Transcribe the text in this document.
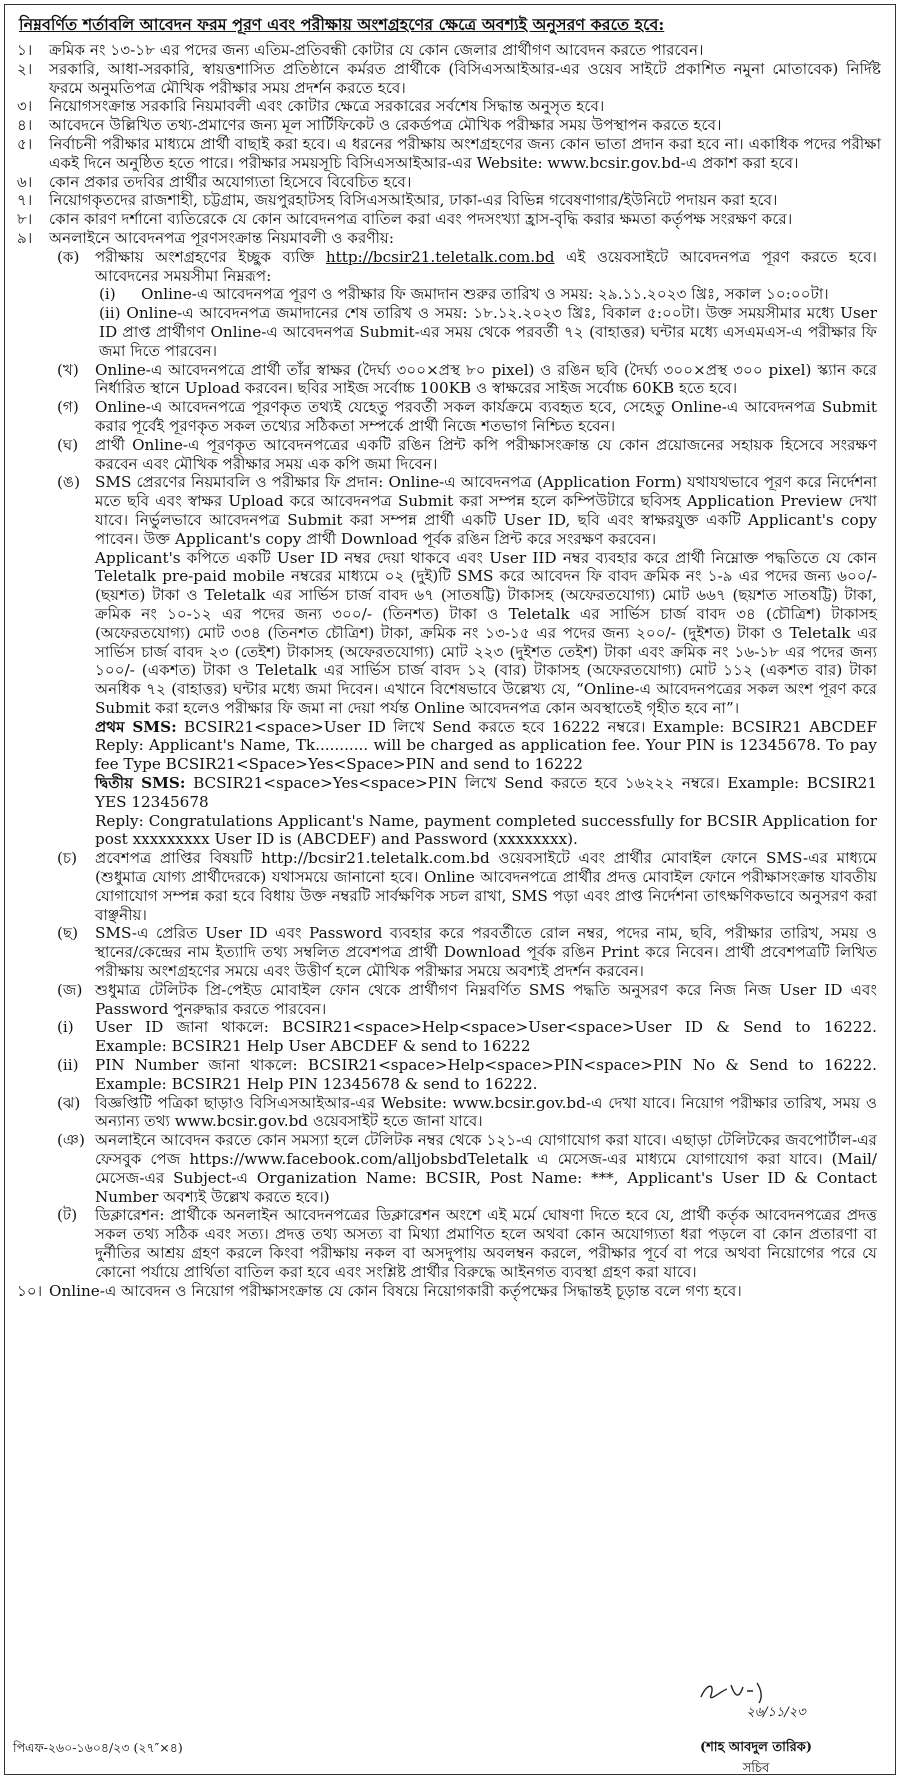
নিম্নবর্ণিত শর্তাবলি আবেদন ফরম পূরণ এবং পরীক্ষায় অংশগ্রহণের ক্ষেত্রে অবশ্যই অনুসরণ করতে হবে:
১।	ক্রমিক নং ১৩-১৮ এর পদের জন্য এতিম-প্রতিবন্ধী কোটার যে কোন জেলার প্রার্থীগণ আবেদন করতে পারবেন।
২।	সরকারি, আধা-সরকারি, স্বায়ত্তশাসিত প্রতিষ্ঠানে কর্মরত প্রার্থীকে (বিসিএসআইআর-এর ওয়েব সাইটে প্রকাশিত নমুনা মোতাবেক) নির্দিষ্ট ফরমে অনুমতিপত্র মৌখিক পরীক্ষার সময় প্রদর্শন করতে হবে।
৩।	নিয়োগসংক্রান্ত সরকারি নিয়মাবলী এবং কোটার ক্ষেত্রে সরকারের সর্বশেষ সিদ্ধান্ত অনুসৃত হবে।
৪।	আবেদনে উল্লিখিত তথ্য-প্রমাণের জন্য মূল সার্টিফিকেট ও রেকর্ডপত্র মৌখিক পরীক্ষার সময় উপস্থাপন করতে হবে।
৫।	নির্বাচনী পরীক্ষার মাধ্যমে প্রার্থী বাছাই করা হবে। এ ধরনের পরীক্ষায় অংশগ্রহণের জন্য কোন ভাতা প্রদান করা হবে না। একাধিক পদের পরীক্ষা একই দিনে অনুষ্ঠিত হতে পারে। পরীক্ষার সময়সূচি বিসিএসআইআর-এর Website: www.bcsir.gov.bd-এ প্রকাশ করা হবে।
৬।	কোন প্রকার তদবির প্রার্থীর অযোগ্যতা হিসেবে বিবেচিত হবে।
৭।	নিয়োগকৃতদের রাজশাহী, চট্টগ্রাম, জয়পুরহাটসহ বিসিএসআইআর, ঢাকা-এর বিভিন্ন গবেষণাগার/ইউনিটে পদায়ন করা হবে।
৮।	কোন কারণ দর্শানো ব্যতিরেকে যে কোন আবেদনপত্র বাতিল করা এবং পদসংখ্যা হ্রাস-বৃদ্ধি করার ক্ষমতা কর্তৃপক্ষ সংরক্ষণ করে।
৯।	অনলাইনে আবেদনপত্র পূরণসংক্রান্ত নিয়মাবলী ও করণীয়:
(ক)	পরীক্ষায় অংশগ্রহণের ইচ্ছুক ব্যক্তি http://bcsir21.teletalk.com.bd এই ওয়েবসাইটে আবেদনপত্র পূরণ করতে হবে। আবেদনের সময়সীমা নিম্নরূপ:
(i)	Online-এ আবেদনপত্র পূরণ ও পরীক্ষার ফি জমাদান শুরুর তারিখ ও সময়: ২৯.১১.২০২৩ খ্রিঃ, সকাল ১০:০০টা।
(ii) Online-এ আবেদনপত্র জমাদানের শেষ তারিখ ও সময়: ১৮.১২.২০২৩ খ্রিঃ, বিকাল ৫:০০টা। উক্ত সময়সীমার মধ্যে User ID প্রাপ্ত প্রার্থীগণ Online-এ আবেদনপত্র Submit-এর সময় থেকে পরবর্তী ৭২ (বাহাত্তর) ঘন্টার মধ্যে এসএমএস-এ পরীক্ষার ফি জমা দিতে পারবেন।
(খ)	Online-এ আবেদনপত্রে প্রার্থী তাঁর স্বাক্ষর (দৈর্ঘ্য ৩০০×প্রস্থ ৮০ pixel) ও রঙিন ছবি (দৈর্ঘ্য ৩০০×প্রস্থ ৩০০ pixel) স্ক্যান করে নির্ধারিত স্থানে Upload করবেন। ছবির সাইজ সর্বোচ্চ 100KB ও স্বাক্ষরের সাইজ সর্বোচ্চ 60KB হতে হবে।
(গ)	Online-এ আবেদনপত্রে পূরণকৃত তথ্যই যেহেতু পরবর্তী সকল কার্যক্রমে ব্যবহৃত হবে, সেহেতু Online-এ আবেদনপত্র Submit করার পূর্বেই পূরণকৃত সকল তথ্যের সঠিকতা সম্পর্কে প্রার্থী নিজে শতভাগ নিশ্চিত হবেন।
(ঘ)	প্রার্থী Online-এ পূরণকৃত আবেদনপত্রের একটি রঙিন প্রিন্ট কপি পরীক্ষাসংক্রান্ত যে কোন প্রয়োজনের সহায়ক হিসেবে সংরক্ষণ করবেন এবং মৌখিক পরীক্ষার সময় এক কপি জমা দিবেন।
(ঙ) SMS প্রেরণের নিয়মাবলি ও পরীক্ষার ফি প্রদান: Online-এ আবেদনপত্র (Application Form) যথাযথভাবে পূরণ করে নির্দেশনা মতে ছবি এবং স্বাক্ষর Upload করে আবেদনপত্র Submit করা সম্পন্ন হলে কম্পিউটারে ছবিসহ Application Preview দেখা যাবে। নির্ভুলভাবে আবেদনপত্র Submit করা সম্পন্ন প্রার্থী একটি User ID, ছবি এবং স্বাক্ষরযুক্ত একটি Applicant's copy পাবেন। উক্ত Applicant's copy প্রার্থী Download পূর্বক রঙিন প্রিন্ট করে সংরক্ষণ করবেন।
Applicant's কপিতে একটি User ID নম্বর দেয়া থাকবে এবং User IID নম্বর ব্যবহার করে প্রার্থী নিম্নোক্ত পদ্ধতিতে যে কোন Teletalk pre-paid mobile নম্বরের মাধ্যমে ০২ (দুই)টি SMS করে আবেদন ফি বাবদ ক্রমিক নং ১-৯ এর পদের জন্য ৬০০/- (ছয়শত) টাকা ও Teletalk এর সার্ভিস চার্জ বাবদ ৬৭ (সাতষট্টি) টাকাসহ (অফেরতযোগ্য) মোট ৬৬৭ (ছয়শত সাতষট্টি) টাকা, ক্রমিক নং ১০-১২ এর পদের জন্য ৩০০/- (তিনশত) টাকা ও Teletalk এর সার্ভিস চার্জ বাবদ ৩৪ (চৌত্রিশ) টাকাসহ (অফেরতযোগ্য) মোট ৩৩৪ (তিনশত চৌত্রিশ) টাকা, ক্রমিক নং ১৩-১৫ এর পদের জন্য ২০০/- (দুইশত) টাকা ও Teletalk এর সার্ভিস চার্জ বাবদ ২৩ (তেইশ) টাকাসহ (অফেরতযোগ্য) মোট ২২৩ (দুইশত তেইশ) টাকা এবং ক্রমিক নং ১৬-১৮ এর পদের জন্য ১০০/- (একশত) টাকা ও Teletalk এর সার্ভিস চার্জ বাবদ ১২ (বার) টাকাসহ (অফেরতযোগ্য) মোট ১১২ (একশত বার) টাকা অনধিক ৭২ (বাহাত্তর) ঘন্টার মধ্যে জমা দিবেন। এখানে বিশেষভাবে উল্লেখ্য যে, “Online-এ আবেদনপত্রের সকল অংশ পূরণ করে Submit করা হলেও পরীক্ষার ফি জমা না দেয়া পর্যন্ত Online আবেদনপত্র কোন অবস্থাতেই গৃহীত হবে না”।
প্রথম SMS: BCSIR21<space>User ID লিখে Send করতে হবে 16222 নম্বরে। Example: BCSIR21 ABCDEF Reply: Applicant's Name, Tk........... will be charged as application fee. Your PIN is 12345678. To pay fee Type BCSIR21<Space>Yes<Space>PIN and send to 16222
দ্বিতীয় SMS: BCSIR21<space>Yes<space>PIN লিখে Send করতে হবে ১৬২২২ নম্বরে। Example: BCSIR21 YES 12345678
Reply: Congratulations Applicant's Name, payment completed successfully for BCSIR Application for post xxxxxxxxx User ID is (ABCDEF) and Password (xxxxxxxx).
(চ)	প্রবেশপত্র প্রাপ্তির বিষয়টি http://bcsir21.teletalk.com.bd ওয়েবসাইটে এবং প্রার্থীর মোবাইল ফোনে SMS-এর মাধ্যমে (শুধুমাত্র যোগ্য প্রার্থীদেরকে) যথাসময়ে জানানো হবে। Online আবেদনপত্রে প্রার্থীর প্রদত্ত মোবাইল ফোনে পরীক্ষাসংক্রান্ত যাবতীয় যোগাযোগ সম্পন্ন করা হবে বিধায় উক্ত নম্বরটি সার্বক্ষণিক সচল রাখা, SMS পড়া এবং প্রাপ্ত নির্দেশনা তাৎক্ষণিকভাবে অনুসরণ করা বাঞ্ছনীয়।
(ছ)	SMS-এ প্রেরিত User ID এবং Password ব্যবহার করে পরবর্তীতে রোল নম্বর, পদের নাম, ছবি, পরীক্ষার তারিখ, সময় ও স্থানের/কেন্দ্রের নাম ইত্যাদি তথ্য সম্বলিত প্রবেশপত্র প্রার্থী Download পূর্বক রঙিন Print করে নিবেন। প্রার্থী প্রবেশপত্রটি লিখিত পরীক্ষায় অংশগ্রহণের সময়ে এবং উত্তীর্ণ হলে মৌখিক পরীক্ষার সময়ে অবশ্যই প্রদর্শন করবেন।
(জ) শুধুমাত্র টেলিটক প্রি-পেইড মোবাইল ফোন থেকে প্রার্থীগণ নিম্নবর্ণিত SMS পদ্ধতি অনুসরণ করে নিজ নিজ User ID এবং Password পুনরুদ্ধার করতে পারবেন।
(i)	User ID জানা থাকলে: BCSIR21<space>Help<space>User<space>User ID & Send to 16222. Example: BCSIR21 Help User ABCDEF & send to 16222
(ii)	PIN Number জানা থাকলে: BCSIR21<space>Help<space>PIN<space>PIN No & Send to 16222. Example: BCSIR21 Help PIN 12345678 & send to 16222.
(ঝ) বিজ্ঞপ্তিটি পত্রিকা ছাড়াও বিসিএসআইআর-এর Website: www.bcsir.gov.bd-এ দেখা যাবে। নিয়োগ পরীক্ষার তারিখ, সময় ও অন্যান্য তথ্য www.bcsir.gov.bd ওয়েবসাইট হতে জানা যাবে।
(ঞ) অনলাইনে আবেদন করতে কোন সমস্যা হলে টেলিটক নম্বর থেকে ১২১-এ যোগাযোগ করা যাবে। এছাড়া টেলিটকের জবপোর্টাল-এর ফেসবুক পেজ https://www.facebook.com/alljobsbdTeletalk এ মেসেজ-এর মাধ্যমে যোগাযোগ করা যাবে। (Mail/মেসেজ-এর Subject-এ Organization Name: BCSIR, Post Name: ***, Applicant's User ID & Contact Number অবশ্যই উল্লেখ করতে হবে।)
(ট)	ডিক্লারেশন: প্রার্থীকে অনলাইন আবেদনপত্রের ডিক্লারেশন অংশে এই মর্মে ঘোষণা দিতে হবে যে, প্রার্থী কর্তৃক আবেদনপত্রের প্রদত্ত সকল তথ্য সঠিক এবং সত্য। প্রদত্ত তথ্য অসত্য বা মিথ্যা প্রমাণিত হলে অথবা কোন অযোগ্যতা ধরা পড়লে বা কোন প্রতারণা বা দুর্নীতির আশ্রয় গ্রহণ করলে কিংবা পরীক্ষায় নকল বা অসদুপায় অবলম্বন করলে, পরীক্ষার পূর্বে বা পরে অথবা নিয়োগের পরে যে কোনো পর্যায়ে প্রার্থিতা বাতিল করা হবে এবং সংশ্লিষ্ট প্রার্থীর বিরুদ্ধে আইনগত ব্যবস্থা গ্রহণ করা যাবে।
১০। Online-এ আবেদন ও নিয়োগ পরীক্ষাসংক্রান্ত যে কোন বিষয়ে নিয়োগকারী কর্তৃপক্ষের সিদ্ধান্তই চূড়ান্ত বলে গণ্য হবে।
২৬/১১/২৩
(শাহ আবদুল তারিক)
সচিব
পিএফ-২৬০-১৬০৪/২৩ (২৭″×৪)
